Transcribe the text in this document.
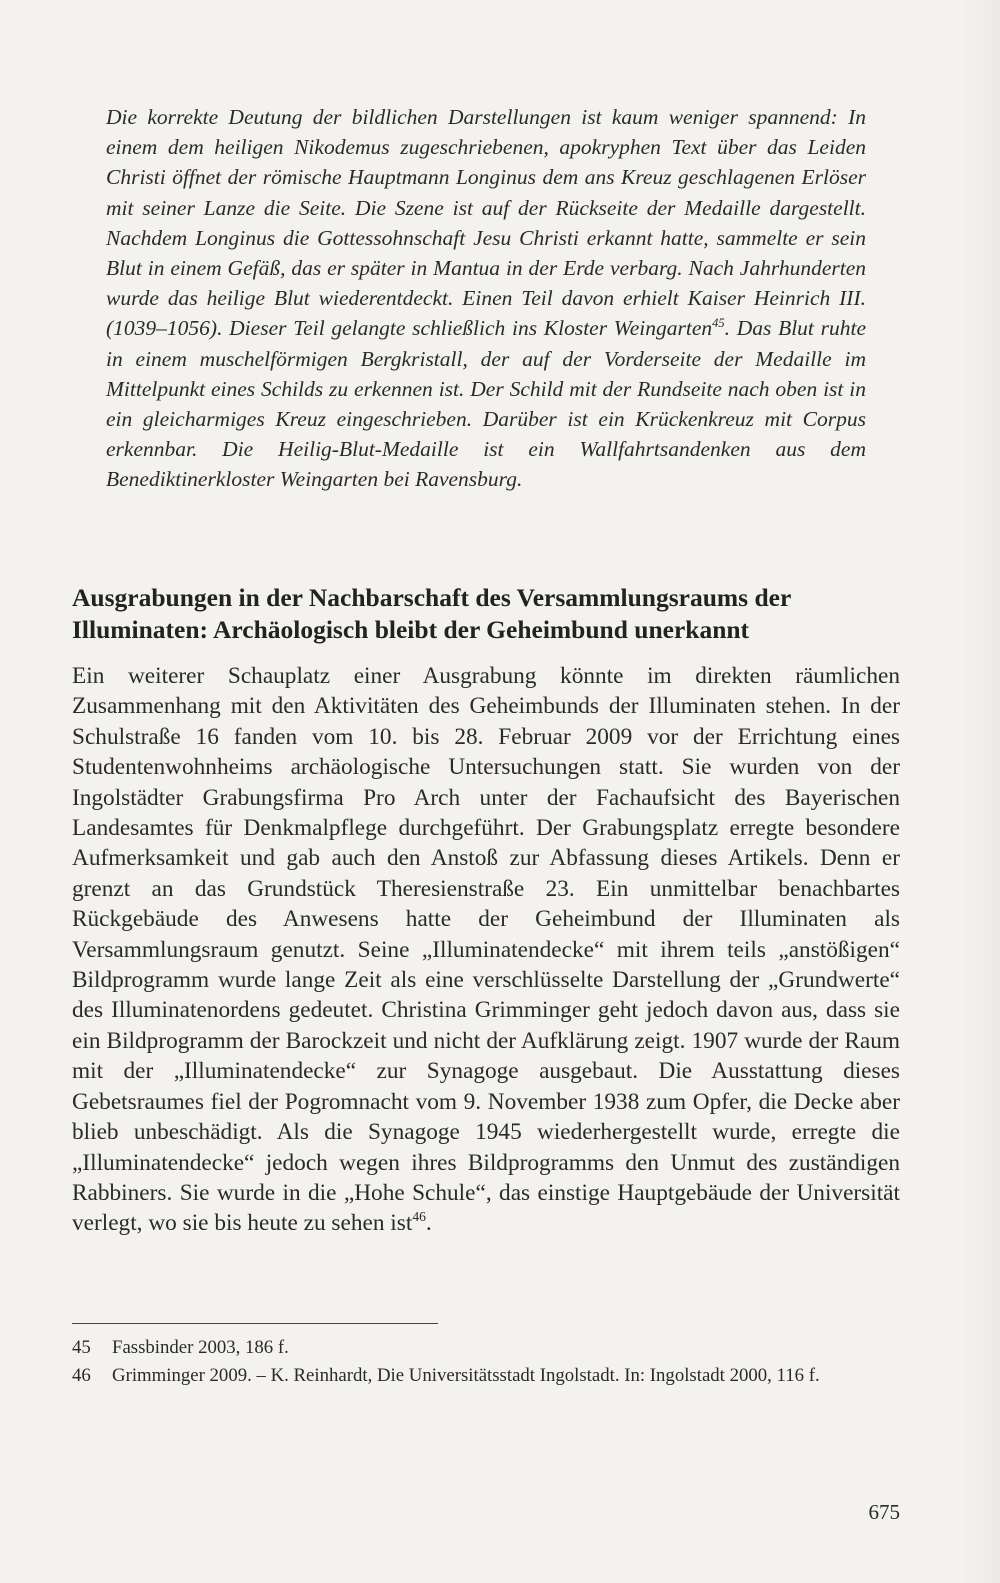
Die korrekte Deutung der bildlichen Darstellungen ist kaum weniger spannend: In einem dem heiligen Nikodemus zugeschriebenen, apokryphen Text über das Leiden Christi öffnet der römische Hauptmann Longinus dem ans Kreuz geschlagenen Erlöser mit seiner Lanze die Seite. Die Szene ist auf der Rückseite der Medaille dargestellt. Nachdem Longinus die Gottessohnschaft Jesu Christi erkannt hatte, sammelte er sein Blut in einem Gefäß, das er später in Mantua in der Erde verbarg. Nach Jahrhunderten wurde das heilige Blut wiederentdeckt. Einen Teil davon erhielt Kaiser Heinrich III. (1039–1056). Dieser Teil gelangte schließlich ins Kloster Weingarten$^{45}$. Das Blut ruhte in einem muschelförmigen Bergkristall, der auf der Vorderseite der Medaille im Mittelpunkt eines Schilds zu erkennen ist. Der Schild mit der Rundseite nach oben ist in ein gleicharmiges Kreuz eingeschrieben. Darüber ist ein Krückenkreuz mit Corpus erkennbar. Die Heilig-Blut-Medaille ist ein Wallfahrtsandenken aus dem Benediktinerkloster Weingarten bei Ravensburg.

Ausgrabungen in der Nachbarschaft des Versammlungsraums der
Illuminaten: Archäologisch bleibt der Geheimbund unerkannt

Ein weiterer Schauplatz einer Ausgrabung könnte im direkten räumlichen Zusammenhang mit den Aktivitäten des Geheimbunds der Illuminaten stehen. In der Schulstraße 16 fanden vom 10. bis 28. Februar 2009 vor der Errichtung eines Studentenwohnheims archäologische Untersuchungen statt. Sie wurden von der Ingolstädter Grabungsfirma Pro Arch unter der Fachaufsicht des Bayerischen Landesamtes für Denkmalpflege durchgeführt. Der Grabungsplatz erregte besondere Aufmerksamkeit und gab auch den Anstoß zur Abfassung dieses Artikels. Denn er grenzt an das Grundstück Theresienstraße 23. Ein unmittelbar benachbartes Rückgebäude des Anwesens hatte der Geheimbund der Illuminaten als Versammlungsraum genutzt. Seine „Illuminatendecke“ mit ihrem teils „anstößigen“ Bildprogramm wurde lange Zeit als eine verschlüsselte Darstellung der „Grundwerte“ des Illuminatenordens gedeutet. Christina Grimminger geht jedoch davon aus, dass sie ein Bildprogramm der Barockzeit und nicht der Aufklärung zeigt. 1907 wurde der Raum mit der „Illuminatendecke“ zur Synagoge ausgebaut. Die Ausstattung dieses Gebetsraumes fiel der Pogromnacht vom 9. November 1938 zum Opfer, die Decke aber blieb unbeschädigt. Als die Synagoge 1945 wiederhergestellt wurde, erregte die „Illuminatendecke“ jedoch wegen ihres Bildprogramms den Unmut des zuständigen Rabbiners. Sie wurde in die „Hohe Schule“, das einstige Hauptgebäude der Universität verlegt, wo sie bis heute zu sehen ist$^{46}$.

45	Fassbinder 2003, 186 f.
46	Grimminger 2009. – K. Reinhardt, Die Universitätsstadt Ingolstadt. In: Ingolstadt 2000, 116 f.
675
